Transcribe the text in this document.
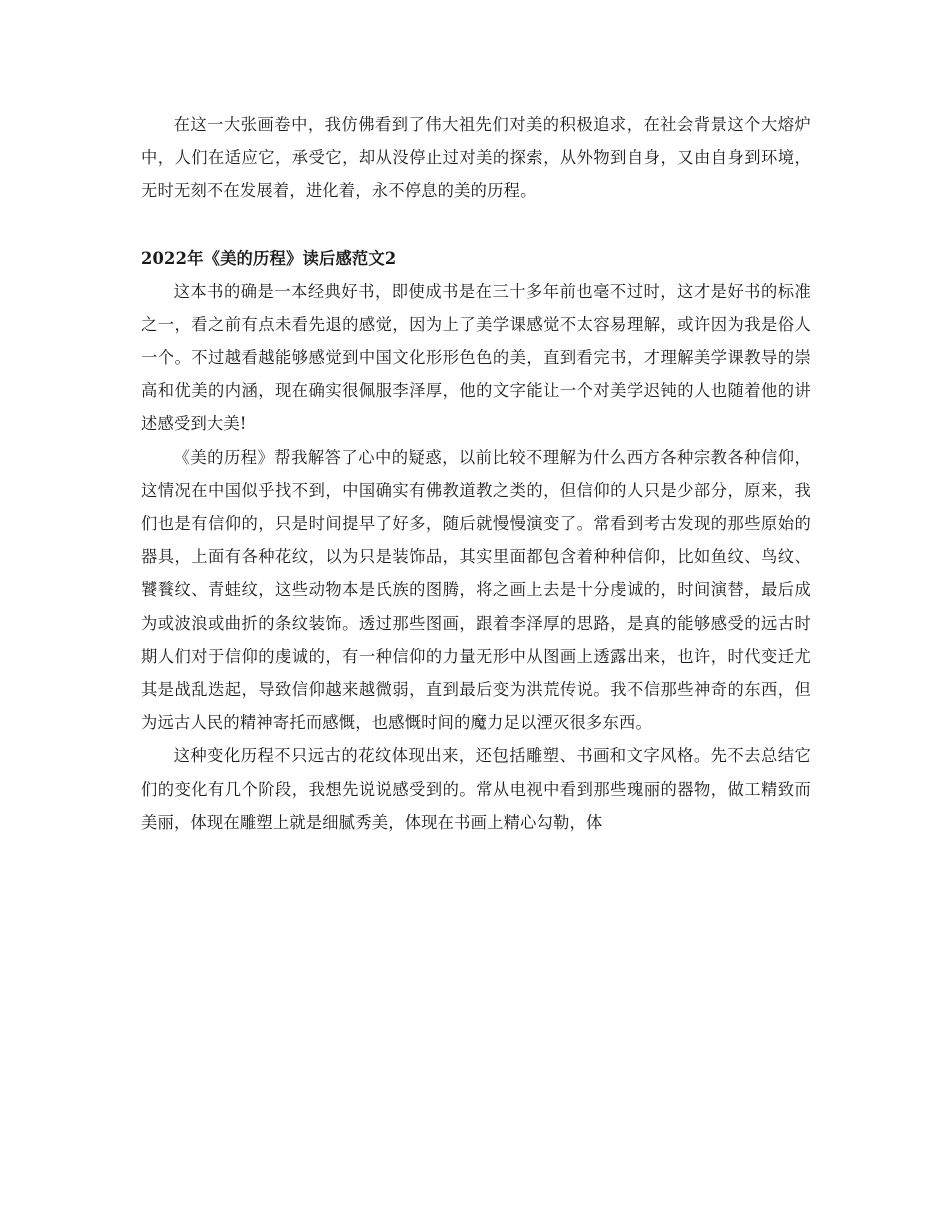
在这一大张画卷中，我仿佛看到了伟大祖先们对美的积极追求，在社会背景这个大熔炉中，人们在适应它，承受它，却从没停止过对美的探索，从外物到自身，又由自身到环境，无时无刻不在发展着，进化着，永不停息的美的历程。

2022年《美的历程》读后感范文2

这本书的确是一本经典好书，即使成书是在三十多年前也毫不过时，这才是好书的标准之一，看之前有点未看先退的感觉，因为上了美学课感觉不太容易理解，或许因为我是俗人一个。不过越看越能够感觉到中国文化形形色色的美，直到看完书，才理解美学课教导的崇高和优美的内涵，现在确实很佩服李泽厚，他的文字能让一个对美学迟钝的人也随着他的讲述感受到大美!

《美的历程》帮我解答了心中的疑惑，以前比较不理解为什么西方各种宗教各种信仰，这情况在中国似乎找不到，中国确实有佛教道教之类的，但信仰的人只是少部分，原来，我们也是有信仰的，只是时间提早了好多，随后就慢慢演变了。常看到考古发现的那些原始的器具，上面有各种花纹，以为只是装饰品，其实里面都包含着种种信仰，比如鱼纹、鸟纹、饕餮纹、青蛙纹，这些动物本是氏族的图腾，将之画上去是十分虔诚的，时间演替，最后成为或波浪或曲折的条纹装饰。透过那些图画，跟着李泽厚的思路，是真的能够感受的远古时期人们对于信仰的虔诚的，有一种信仰的力量无形中从图画上透露出来，也许，时代变迁尤其是战乱迭起，导致信仰越来越微弱，直到最后变为洪荒传说。我不信那些神奇的东西，但为远古人民的精神寄托而感慨，也感慨时间的魔力足以湮灭很多东西。

这种变化历程不只远古的花纹体现出来，还包括雕塑、书画和文字风格。先不去总结它们的变化有几个阶段，我想先说说感受到的。常从电视中看到那些瑰丽的器物，做工精致而美丽，体现在雕塑上就是细腻秀美，体现在书画上精心勾勒，体
